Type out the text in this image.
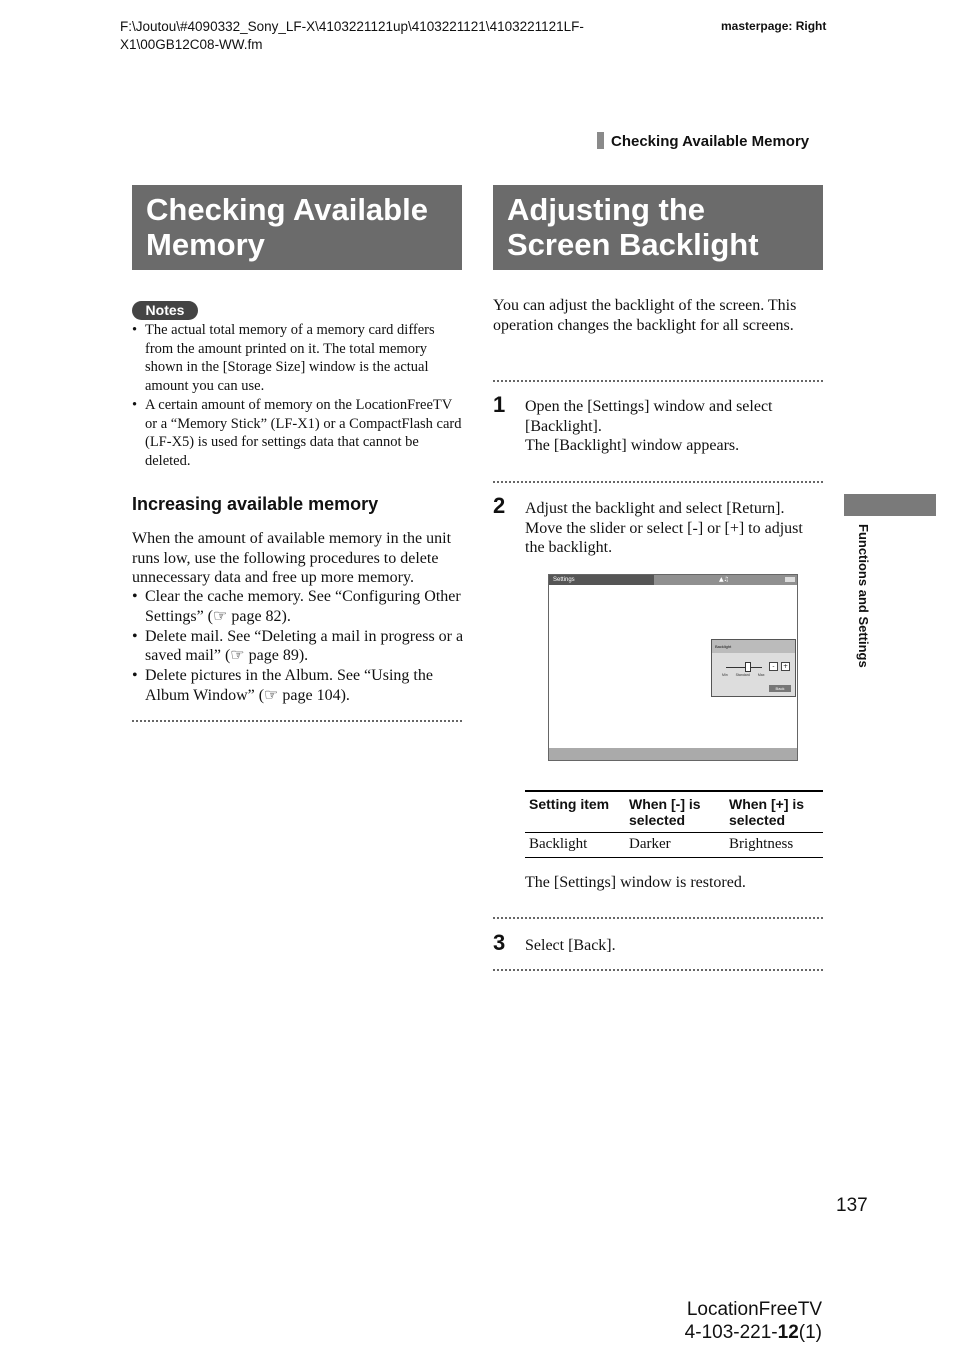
F:\Joutou\#4090332_Sony_LF-X\4103221121up\4103221121\4103221121LF-X1\00GB12C08-WW.fm
masterpage: Right
Checking Available Memory
Checking Available Memory
Notes
• The actual total memory of a memory card differs from the amount printed on it. The total memory shown in the [Storage Size] window is the actual amount you can use.
• A certain amount of memory on the LocationFreeTV or a “Memory Stick” (LF-X1) or a CompactFlash card (LF-X5) is used for settings data that cannot be deleted.
Increasing available memory
When the amount of available memory in the unit runs low, use the following procedures to delete unnecessary data and free up more memory.
• Clear the cache memory. See “Configuring Other Settings” (☞ page 82).
• Delete mail. See “Deleting a mail in progress or a saved mail” (☞ page 89).
• Delete pictures in the Album. See “Using the Album Window” (☞ page 104).
Adjusting the Screen Backlight
You can adjust the backlight of the screen. This operation changes the backlight for all screens.
1 Open the [Settings] window and select [Backlight].
The [Backlight] window appears.
2 Adjust the backlight and select [Return]. Move the slider or select [-] or [+] to adjust the backlight.
Settings	▲♫
Backlight
-	+
Min Standard Max
Back
Setting item	When [-] is selected	When [+] is selected
Backlight	Darker	Brightness
The [Settings] window is restored.
3 Select [Back].
Functions and Settings
137
LocationFreeTV
4-103-221-12(1)
